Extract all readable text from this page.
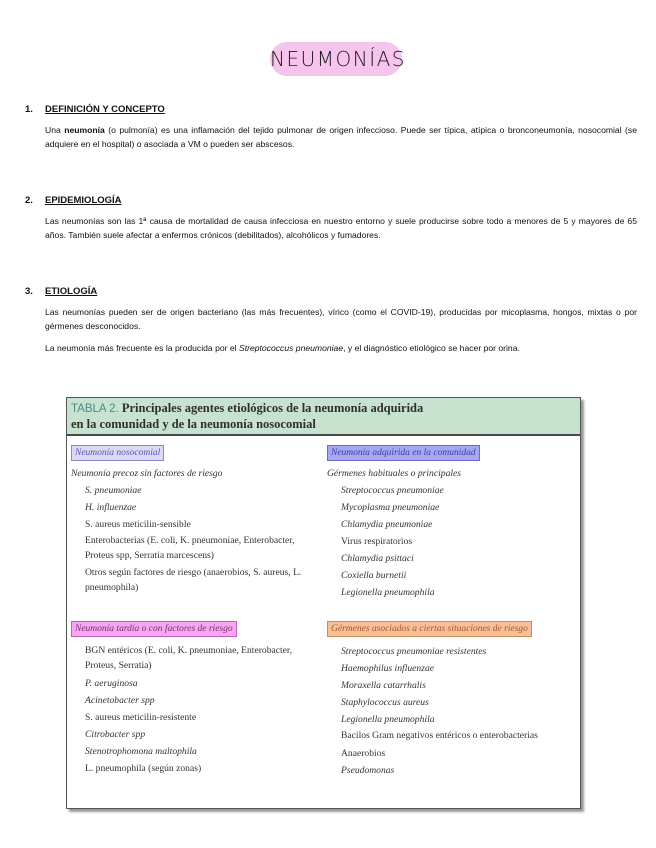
NEUMONÍAS

1. DEFINICIÓN Y CONCEPTO

Una neumonía (o pulmonía) es una inflamación del tejido pulmonar de origen infeccioso. Puede ser típica, atípica o bronconeumonía, nosocomial (se adquiere en el hospital) o asociada a VM o pueden ser abscesos.

2. EPIDEMIOLOGÍA

Las neumonías son las 1ª causa de mortalidad de causa infecciosa en nuestro entorno y suele producirse sobre todo a menores de 5 y mayores de 65 años. También suele afectar a enfermos crónicos (debilitados), alcohólicos y fumadores.

3. ETIOLOGÍA

Las neumonías pueden ser de origen bacteriano (las más frecuentes), vírico (como el COVID-19), producidas por micoplasma, hongos, mixtas o por gérmenes desconocidos.

La neumonía más frecuente es la producida por el Streptococcus pneumoniae, y el diagnóstico etiológico se hacer por orina.

TABLA 2. Principales agentes etiológicos de la neumonía adquirida
en la comunidad y de la neumonía nosocomial
Neumonía nosocomial
Neumonía precoz sin factores de riesgo
S. pneumoniae
H. influenzae
S. aureus meticilin-sensible
Enterobacterias (E. coli, K. pneumoniae, Enterobacter, Proteus spp, Serratia marcescens)
Otros según factores de riesgo (anaerobios, S. aureus, L. pneumophila)
Neumonía adquirida en la comunidad
Gérmenes habituales o principales
Streptococcus pneumoniae
Mycoplasma pneumoniae
Chlamydia pneumoniae
Virus respiratorios
Chlamydia psittaci
Coxiella burnetii
Legionella pneumophila
Neumonía tardía o con factores de riesgo
BGN entéricos (E. coli, K. pneumoniae, Enterobacter, Proteus, Serratia)
P. aeruginosa
Acinetobacter spp
S. aureus meticilin-resistente
Citrobacter spp
Stenotrophomona maltophila
L. pneumophila (según zonas)
Gérmenes asociados a ciertas situaciones de riesgo
Streptococcus pneumoniae resistentes
Haemophilus influenzae
Moraxella catarrhalis
Staphylococcus aureus
Legionella pneumophila
Bacilos Gram negativos entéricos o enterobacterias
Anaerobios
Pseudomonas
